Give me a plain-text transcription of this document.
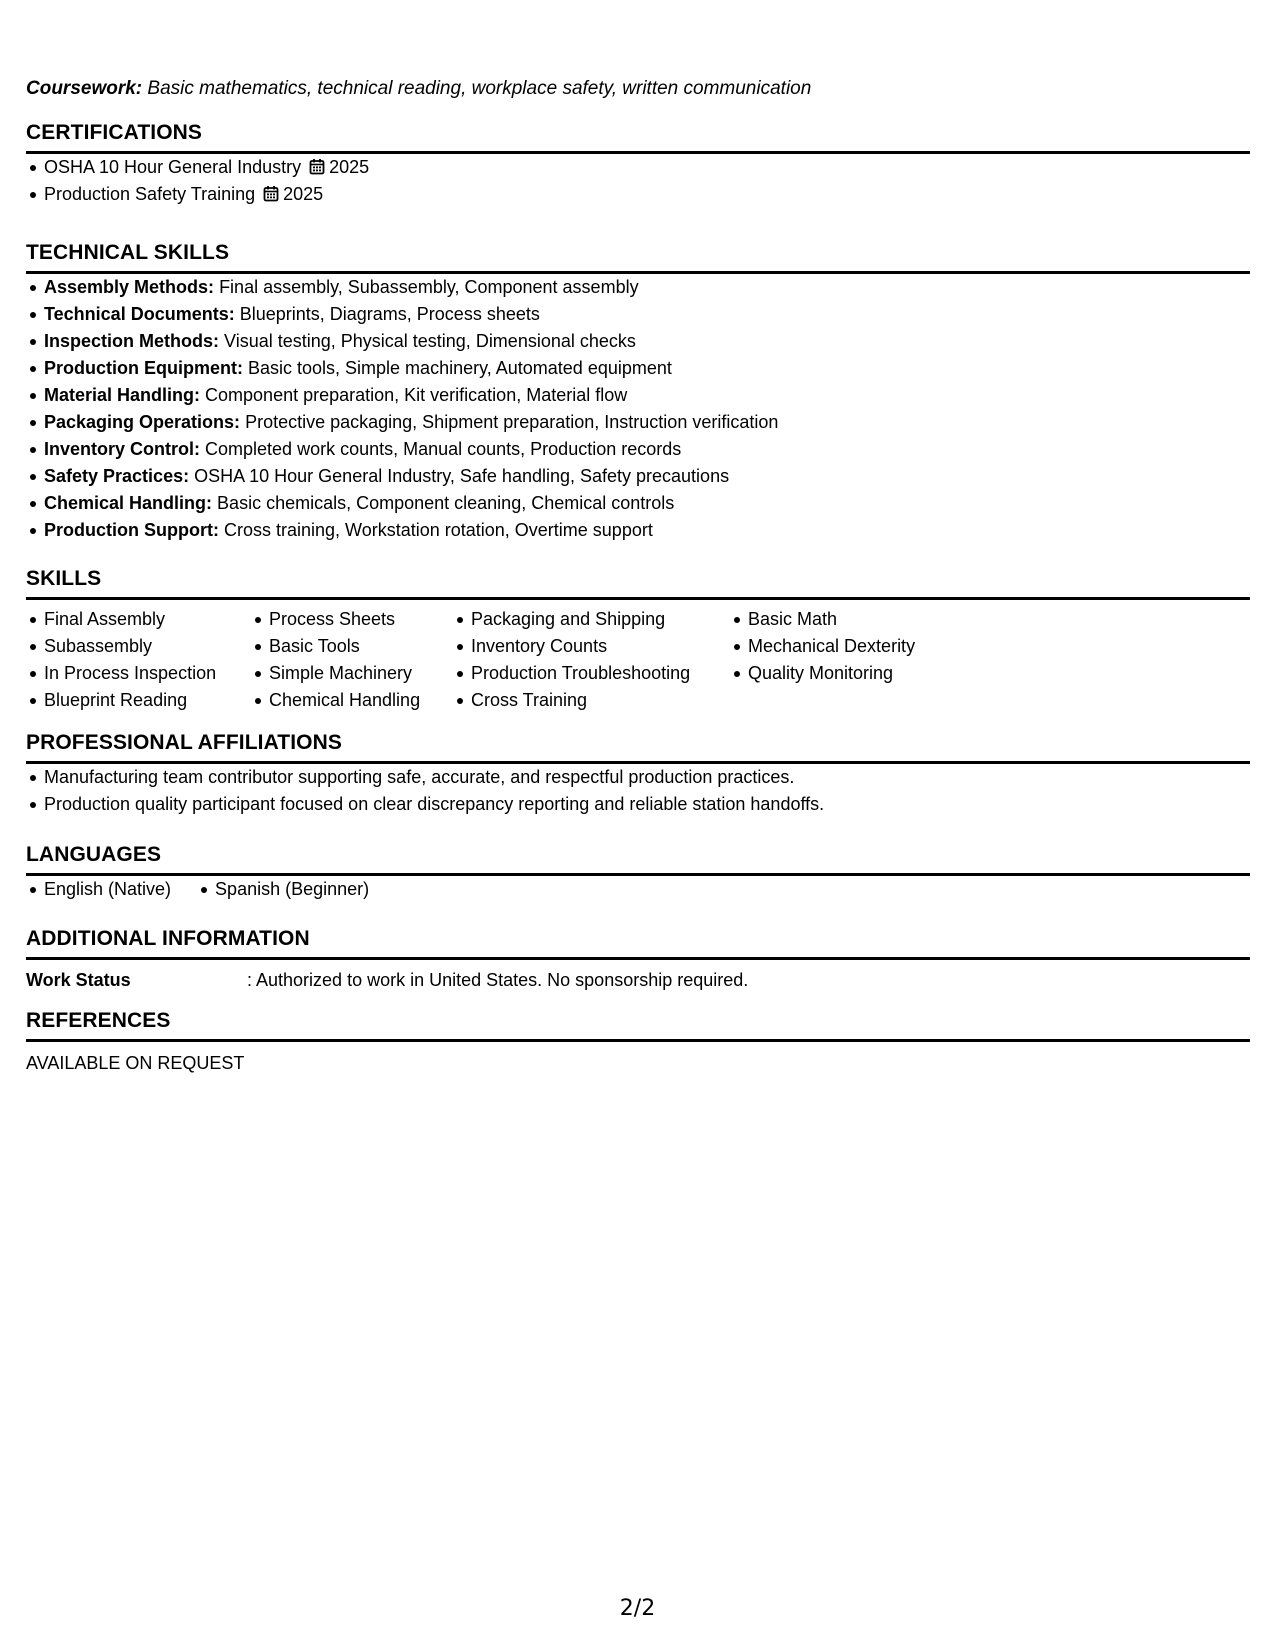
Coursework: Basic mathematics, technical reading, workplace safety, written communication
CERTIFICATIONS
OSHA 10 Hour General Industry 2025
Production Safety Training 2025
TECHNICAL SKILLS
Assembly Methods: Final assembly, Subassembly, Component assembly
Technical Documents: Blueprints, Diagrams, Process sheets
Inspection Methods: Visual testing, Physical testing, Dimensional checks
Production Equipment: Basic tools, Simple machinery, Automated equipment
Material Handling: Component preparation, Kit verification, Material flow
Packaging Operations: Protective packaging, Shipment preparation, Instruction verification
Inventory Control: Completed work counts, Manual counts, Production records
Safety Practices: OSHA 10 Hour General Industry, Safe handling, Safety precautions
Chemical Handling: Basic chemicals, Component cleaning, Chemical controls
Production Support: Cross training, Workstation rotation, Overtime support
SKILLS
Final Assembly
Subassembly
In Process Inspection
Blueprint Reading
Process Sheets
Basic Tools
Simple Machinery
Chemical Handling
Packaging and Shipping
Inventory Counts
Production Troubleshooting
Cross Training
Basic Math
Mechanical Dexterity
Quality Monitoring
PROFESSIONAL AFFILIATIONS
Manufacturing team contributor supporting safe, accurate, and respectful production practices.
Production quality participant focused on clear discrepancy reporting and reliable station handoffs.
LANGUAGES
English (Native)	Spanish (Beginner)
ADDITIONAL INFORMATION
Work Status	: Authorized to work in United States. No sponsorship required.
REFERENCES
AVAILABLE ON REQUEST
2/2
